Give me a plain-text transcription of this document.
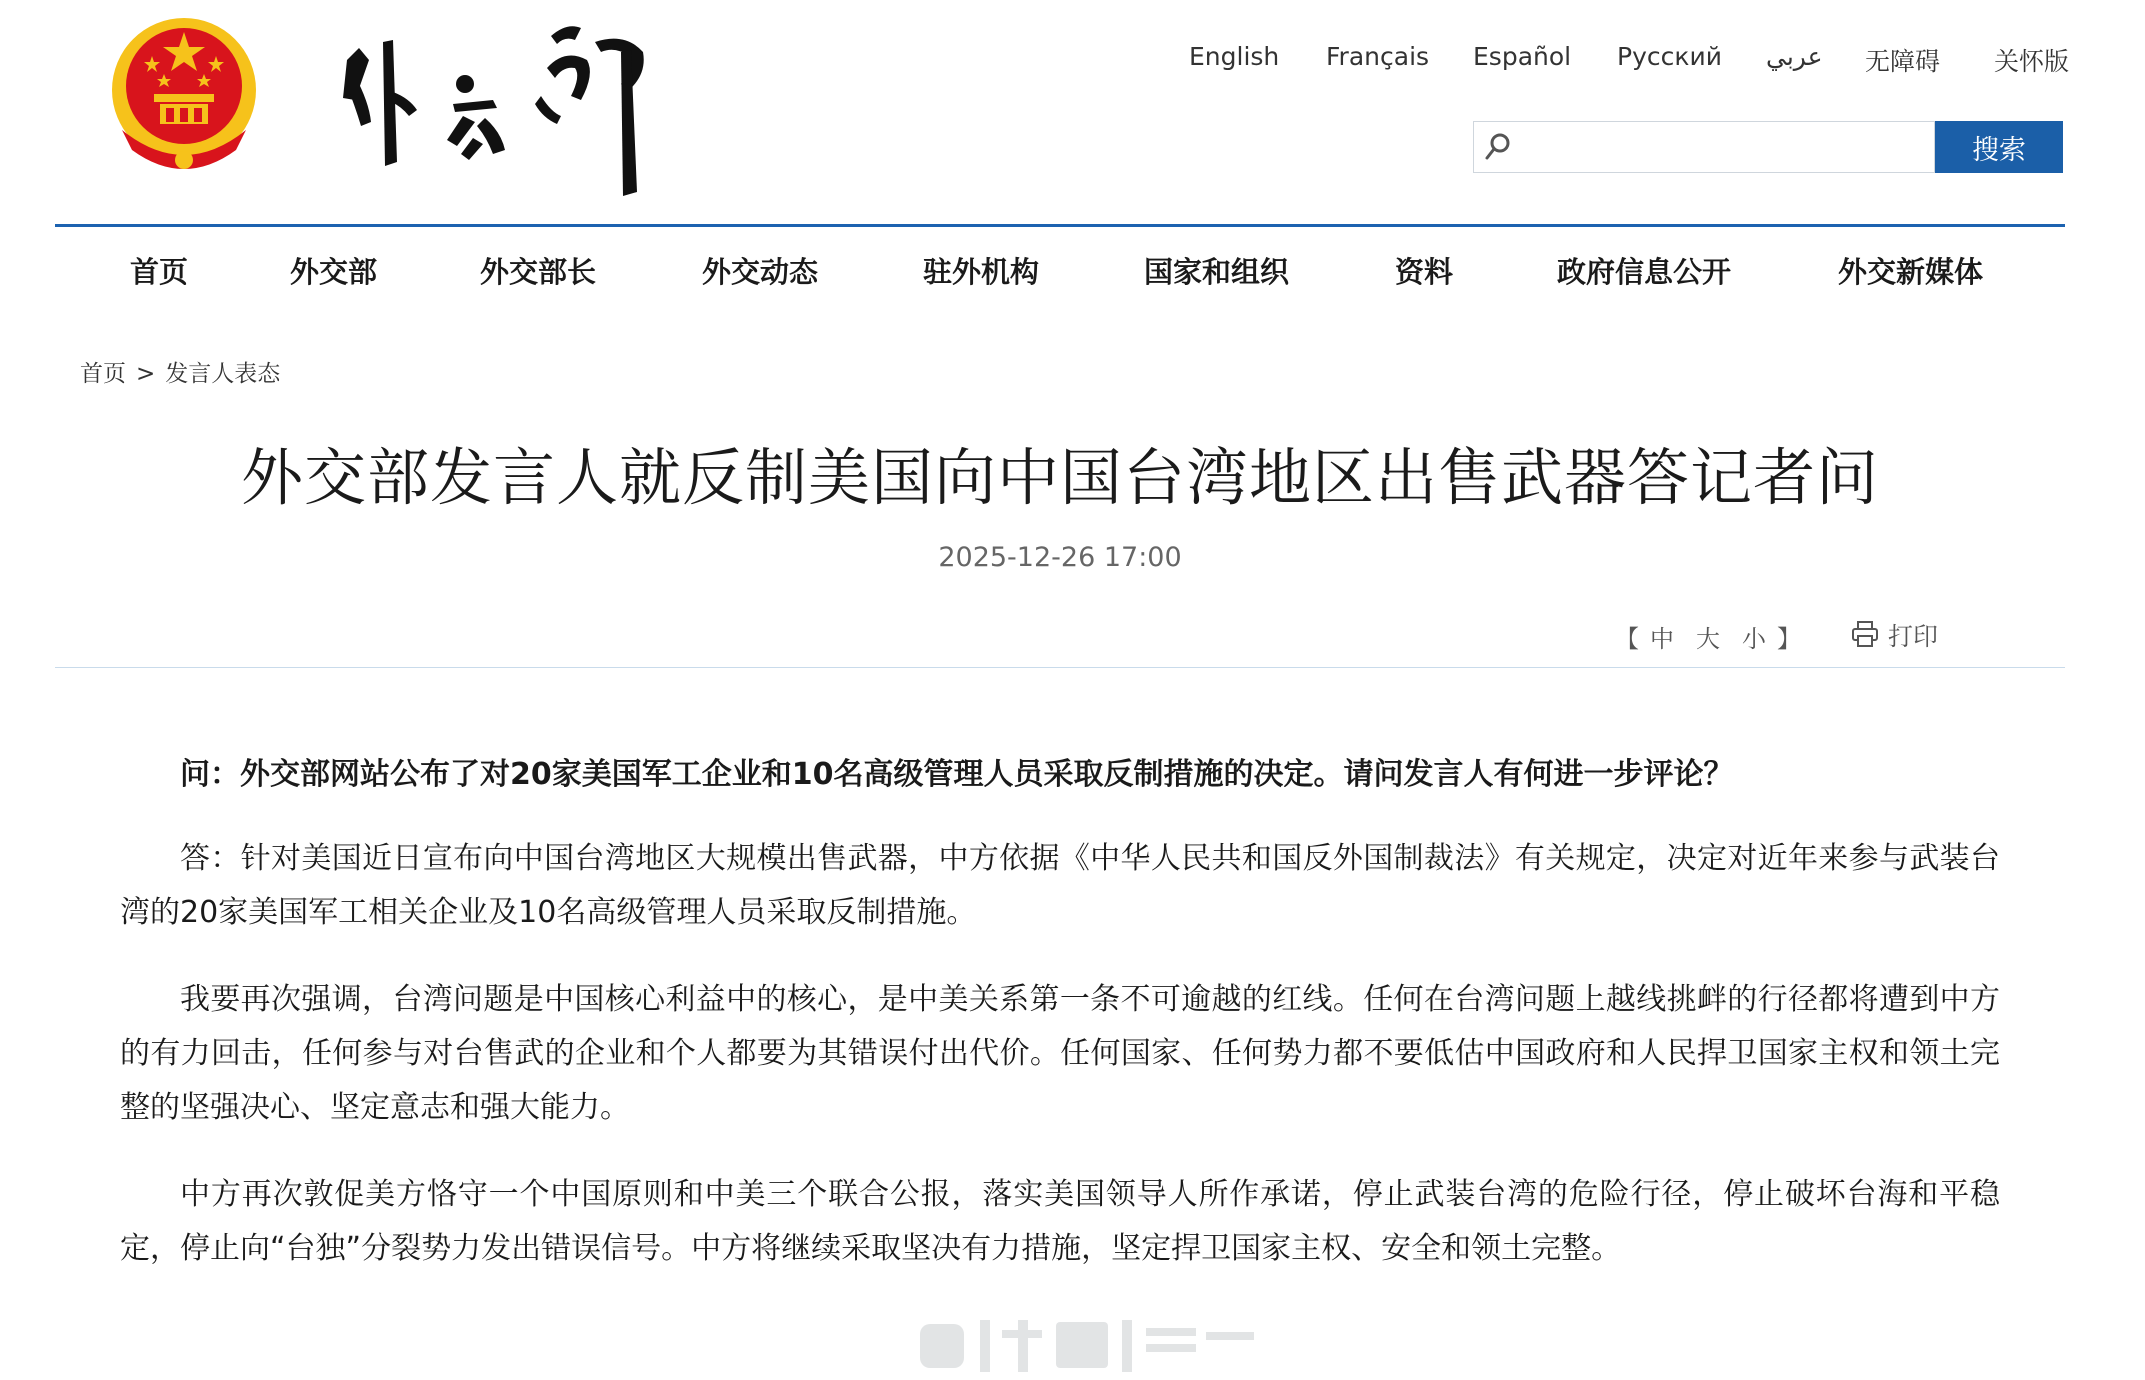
English Français Español Русский عربي 无障碍 关怀版
搜索
首页	外交部	外交部长	外交动态	驻外机构	国家和组织	资料	政府信息公开	外交新媒体
首页 > 发言人表态
外交部发言人就反制美国向中国台湾地区出售武器答记者问
2025-12-26 17:00
【 中 大 小 】	打印

问：外交部网站公布了对20家美国军工企业和10名高级管理人员采取反制措施的决定。请问发言人有何进一步评论？

答：针对美国近日宣布向中国台湾地区大规模出售武器，中方依据《中华人民共和国反外国制裁法》有关规定，决定对近年来参与武装台湾的20家美国军工相关企业及10名高级管理人员采取反制措施。

我要再次强调，台湾问题是中国核心利益中的核心，是中美关系第一条不可逾越的红线。任何在台湾问题上越线挑衅的行径都将遭到中方的有力回击，任何参与对台售武的企业和个人都要为其错误付出代价。任何国家、任何势力都不要低估中国政府和人民捍卫国家主权和领土完整的坚强决心、坚定意志和强大能力。

中方再次敦促美方恪守一个中国原则和中美三个联合公报，落实美国领导人所作承诺，停止武装台湾的危险行径，停止破坏台海和平稳定，停止向“台独”分裂势力发出错误信号。中方将继续采取坚决有力措施，坚定捍卫国家主权、安全和领土完整。
